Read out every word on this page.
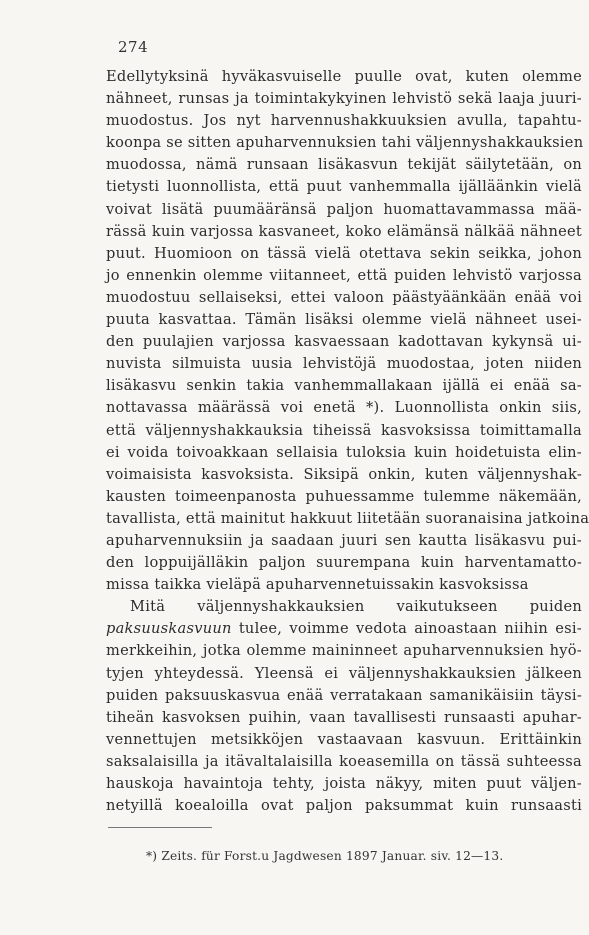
274
Edellytyksinä hyväkasvuiselle puulle ovat, kuten olemme
nähneet, runsas ja toimintakykyinen lehvistö sekä laaja juuri-
muodostus. Jos nyt harvennushakkuuksien avulla, tapahtu-
koonpa se sitten apuharvennuksien tahi väljennyshakkauksien
muodossa, nämä runsaan lisäkasvun tekijät säilytetään, on
tietysti luonnollista, että puut vanhemmalla ijälläänkin vielä
voivat lisätä puumääränsä paljon huomattavammassa mää-
rässä kuin varjossa kasvaneet, koko elämänsä nälkää nähneet
puut. Huomioon on tässä vielä otettava sekin seikka, johon
jo ennenkin olemme viitanneet, että puiden lehvistö varjossa
muodostuu sellaiseksi, ettei valoon päästyäänkään enää voi
puuta kasvattaa. Tämän lisäksi olemme vielä nähneet usei-
den puulajien varjossa kasvaessaan kadottavan kykynsä ui-
nuvista silmuista uusia lehvistöjä muodostaa, joten niiden
lisäkasvu senkin takia vanhemmallakaan ijällä ei enää sa-
nottavassa määrässä voi enetä *). Luonnollista onkin siis,
että väljennyshakkauksia tiheissä kasvoksissa toimittamalla
ei voida toivoakkaan sellaisia tuloksia kuin hoidetuista elin-
voimaisista kasvoksista. Siksipä onkin, kuten väljennyshak-
kausten toimeenpanosta puhuessamme tulemme näkemään,
tavallista, että mainitut hakkuut liitetään suoranaisina jatkoina
apuharvennuksiin ja saadaan juuri sen kautta lisäkasvu pui-
den loppuijälläkin paljon suurempana kuin harventamatto-
missa taikka vieläpä apuharvennetuissakin kasvoksissa
Mitä väljennyshakkauksien vaikutukseen puiden
paksuuskasvuun tulee, voimme vedota ainoastaan niihin esi-
merkkeihin, jotka olemme maininneet apuharvennuksien hyö-
tyjen yhteydessä. Yleensä ei väljennyshakkauksien jälkeen
puiden paksuuskasvua enää verratakaan samanikäisiin täysi-
tiheän kasvoksen puihin, vaan tavallisesti runsaasti apuhar-
vennettujen metsikköjen vastaavaan kasvuun. Erittäinkin
saksalaisilla ja itävaltalaisilla koeasemilla on tässä suhteessa
hauskoja havaintoja tehty, joista näkyy, miten puut väljen-
netyillä koealoilla ovat paljon paksummat kuin runsaasti
*) Zeits. für Forst.u Jagdwesen 1897 Januar. siv. 12—13.
